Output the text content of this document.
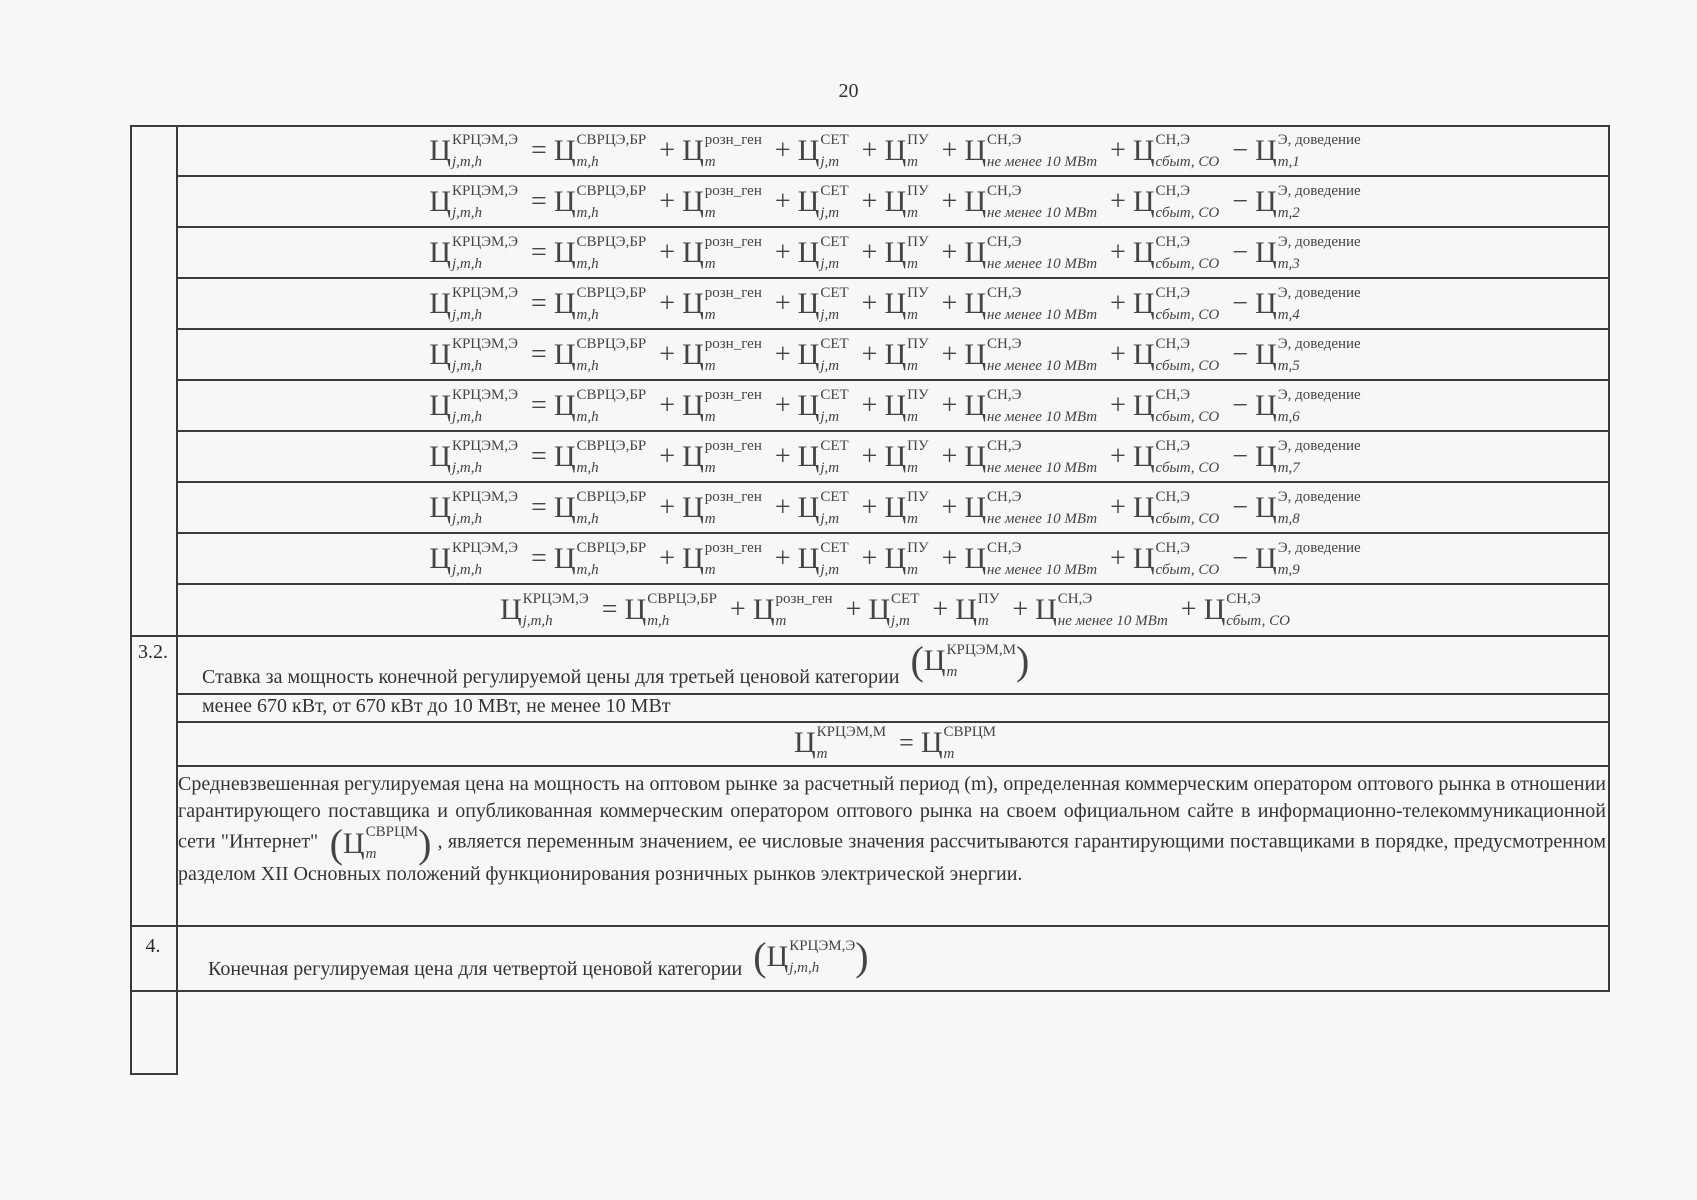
20
Ц КРЦЭМ,Э
j,m,h	= Ц СВРЦЭ,БР
m,h	+ Ц розн_ген
m	+ Ц СЕТ
j,m + Ц ПУ
m + Ц СН,Э
не менее 10 МВт + Ц СН,Э
сбыт, СО − Ц Э, доведение
m,1
Ц КРЦЭМ,Э
j,m,h	= Ц СВРЦЭ,БР
m,h	+ Ц розн_ген
m	+ Ц СЕТ
j,m + Ц ПУ
m + Ц СН,Э
не менее 10 МВт + Ц СН,Э
сбыт, СО − Ц Э, доведение
m,2
Ц КРЦЭМ,Э
j,m,h	= Ц СВРЦЭ,БР
m,h	+ Ц розн_ген
m	+ Ц СЕТ
j,m + Ц ПУ
m + Ц СН,Э
не менее 10 МВт + Ц СН,Э
сбыт, СО − Ц Э, доведение
m,3
Ц КРЦЭМ,Э
j,m,h	= Ц СВРЦЭ,БР
m,h	+ Ц розн_ген
m	+ Ц СЕТ
j,m + Ц ПУ
m + Ц СН,Э
не менее 10 МВт + Ц СН,Э
сбыт, СО − Ц Э, доведение
m,4
Ц КРЦЭМ,Э
j,m,h	= Ц СВРЦЭ,БР
m,h	+ Ц розн_ген
m	+ Ц СЕТ
j,m + Ц ПУ
m + Ц СН,Э
не менее 10 МВт + Ц СН,Э
сбыт, СО − Ц Э, доведение
m,5
Ц КРЦЭМ,Э
j,m,h	= Ц СВРЦЭ,БР
m,h	+ Ц розн_ген
m	+ Ц СЕТ
j,m + Ц ПУ
m + Ц СН,Э
не менее 10 МВт + Ц СН,Э
сбыт, СО − Ц Э, доведение
m,6
Ц КРЦЭМ,Э
j,m,h	= Ц СВРЦЭ,БР
m,h	+ Ц розн_ген
m	+ Ц СЕТ
j,m + Ц ПУ
m + Ц СН,Э
не менее 10 МВт + Ц СН,Э
сбыт, СО − Ц Э, доведение
m,7
Ц КРЦЭМ,Э
j,m,h	= Ц СВРЦЭ,БР
m,h	+ Ц розн_ген
m	+ Ц СЕТ
j,m + Ц ПУ
m + Ц СН,Э
не менее 10 МВт + Ц СН,Э
сбыт, СО − Ц Э, доведение
m,8
Ц КРЦЭМ,Э
j,m,h	= Ц СВРЦЭ,БР
m,h	+ Ц розн_ген
m	+ Ц СЕТ
j,m + Ц ПУ
m + Ц СН,Э
не менее 10 МВт + Ц СН,Э
сбыт, СО − Ц Э, доведение
m,9
Ц КРЦЭМ,Э
j,m,h	= Ц СВРЦЭ,БР
m,h	+ Ц розн_ген
m	+ Ц СЕТ
j,m + Ц ПУ
m + Ц СН,Э
не менее 10 МВт + Ц СН,Э
сбыт, СО
3.2.
Ставка за мощность конечной регулируемой цены для третьей ценовой категории ( Ц КРЦЭМ,М
m	)
менее 670 кВт, от 670 кВт до 10 МВт, не менее 10 МВт
Ц КРЦЭМ,М
m	= Ц СВРЦМ
m
Средневзвешенная регулируемая цена на мощность на оптовом рынке за расчетный период (m), определенная коммерческим оператором оптового рынка в отношении гарантирующего поставщика и опубликованная коммерческим оператором оптового рынка на своем официальном сайте в информационно-телекоммуникационной сети "Интернет" ( Ц СВРЦМ
m	) , является переменным значением, ее числовые значения рассчитываются гарантирующими поставщиками в порядке, предусмотренном разделом XII Основных положений функционирования розничных рынков электрической энергии.
4.
Конечная регулируемая цена для четвертой ценовой категории ( Ц КРЦЭМ,Э
j,m,h )
